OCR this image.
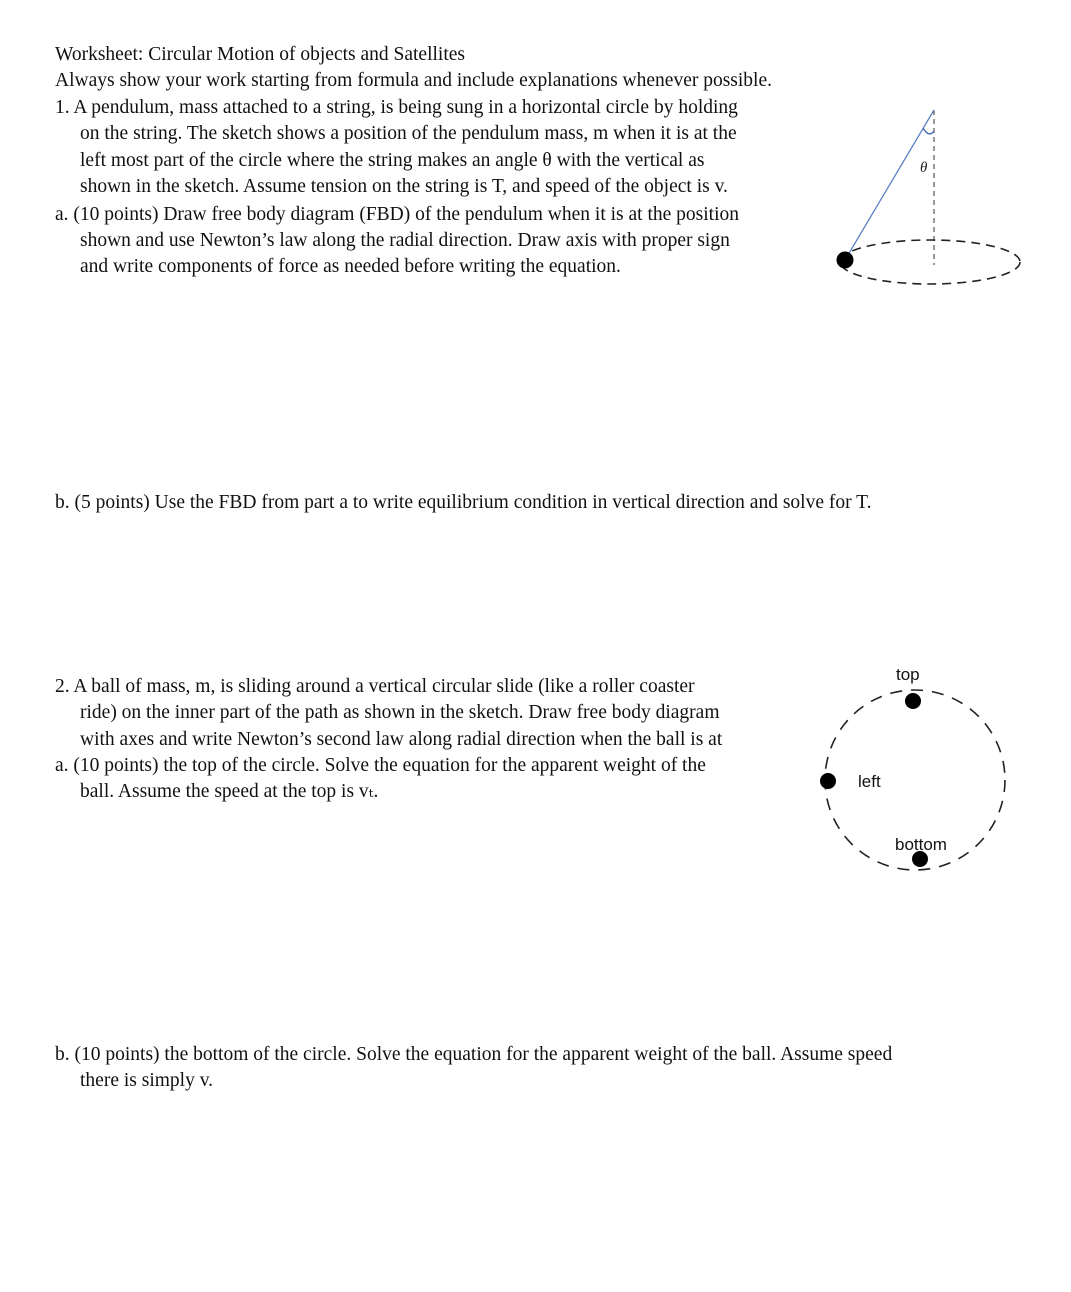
Worksheet: Circular Motion of objects and Satellites
Always show your work starting from formula and include explanations whenever possible.
1. A pendulum, mass attached to a string, is being sung in a horizontal circle by holding
on the string. The sketch shows a position of the pendulum mass, m when it is at the
left most part of the circle where the string makes an angle θ with the vertical as
shown in the sketch. Assume tension on the string is T, and speed of the object is v.
a. (10 points) Draw free body diagram (FBD) of the pendulum when it is at the position
shown and use Newton’s law along the radial direction. Draw axis with proper sign
and write components of force as needed before writing the equation.
θ
b. (5 points) Use the FBD from part a to write equilibrium condition in vertical direction and solve for T.
2. A ball of mass, m, is sliding around a vertical circular slide (like a roller coaster
ride) on the inner part of the path as shown in the sketch. Draw free body diagram
with axes and write Newton’s second law along radial direction when the ball is at
a. (10 points) the top of the circle. Solve the equation for the apparent weight of the
ball. Assume the speed at the top is vₜ.
top
left
bottom
b. (10 points) the bottom of the circle. Solve the equation for the apparent weight of the ball. Assume speed
there is simply v.
